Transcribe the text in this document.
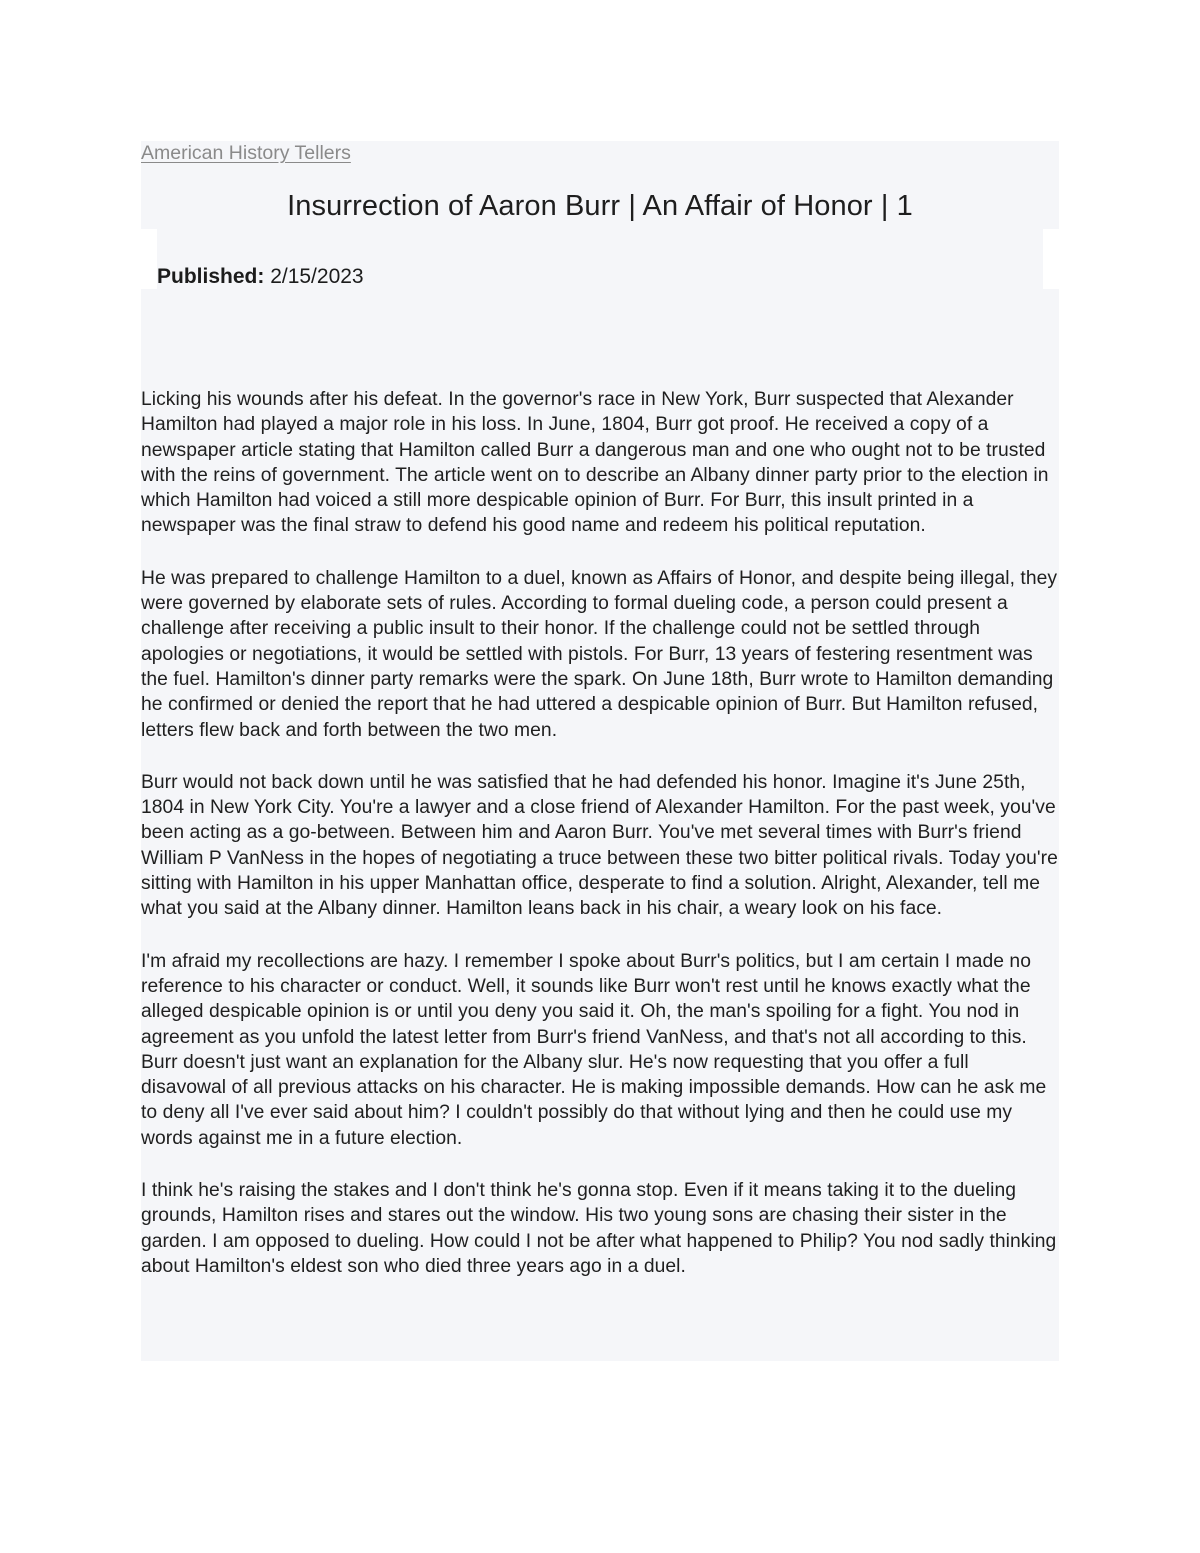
American History Tellers
Insurrection of Aaron Burr | An Affair of Honor | 1
Published: 2/15/2023

Licking his wounds after his defeat. In the governor's race in New York, Burr suspected that Alexander Hamilton had played a major role in his loss. In June, 1804, Burr got proof. He received a copy of a newspaper article stating that Hamilton called Burr a dangerous man and one who ought not to be trusted with the reins of government. The article went on to describe an Albany dinner party prior to the election in which Hamilton had voiced a still more despicable opinion of Burr. For Burr, this insult printed in a newspaper was the final straw to defend his good name and redeem his political reputation.

He was prepared to challenge Hamilton to a duel, known as Affairs of Honor, and despite being illegal, they were governed by elaborate sets of rules. According to formal dueling code, a person could present a challenge after receiving a public insult to their honor. If the challenge could not be settled through apologies or negotiations, it would be settled with pistols. For Burr, 13 years of festering resentment was the fuel. Hamilton's dinner party remarks were the spark. On June 18th, Burr wrote to Hamilton demanding he confirmed or denied the report that he had uttered a despicable opinion of Burr. But Hamilton refused, letters flew back and forth between the two men.

Burr would not back down until he was satisfied that he had defended his honor. Imagine it's June 25th, 1804 in New York City. You're a lawyer and a close friend of Alexander Hamilton. For the past week, you've been acting as a go-between. Between him and Aaron Burr. You've met several times with Burr's friend William P VanNess in the hopes of negotiating a truce between these two bitter political rivals. Today you're sitting with Hamilton in his upper Manhattan office, desperate to find a solution. Alright, Alexander, tell me what you said at the Albany dinner. Hamilton leans back in his chair, a weary look on his face.

I'm afraid my recollections are hazy. I remember I spoke about Burr's politics, but I am certain I made no reference to his character or conduct. Well, it sounds like Burr won't rest until he knows exactly what the alleged despicable opinion is or until you deny you said it. Oh, the man's spoiling for a fight. You nod in agreement as you unfold the latest letter from Burr's friend VanNess, and that's not all according to this. Burr doesn't just want an explanation for the Albany slur. He's now requesting that you offer a full disavowal of all previous attacks on his character. He is making impossible demands. How can he ask me to deny all I've ever said about him? I couldn't possibly do that without lying and then he could use my words against me in a future election.

I think he's raising the stakes and I don't think he's gonna stop. Even if it means taking it to the dueling grounds, Hamilton rises and stares out the window. His two young sons are chasing their sister in the garden. I am opposed to dueling. How could I not be after what happened to Philip? You nod sadly thinking about Hamilton's eldest son who died three years ago in a duel.
